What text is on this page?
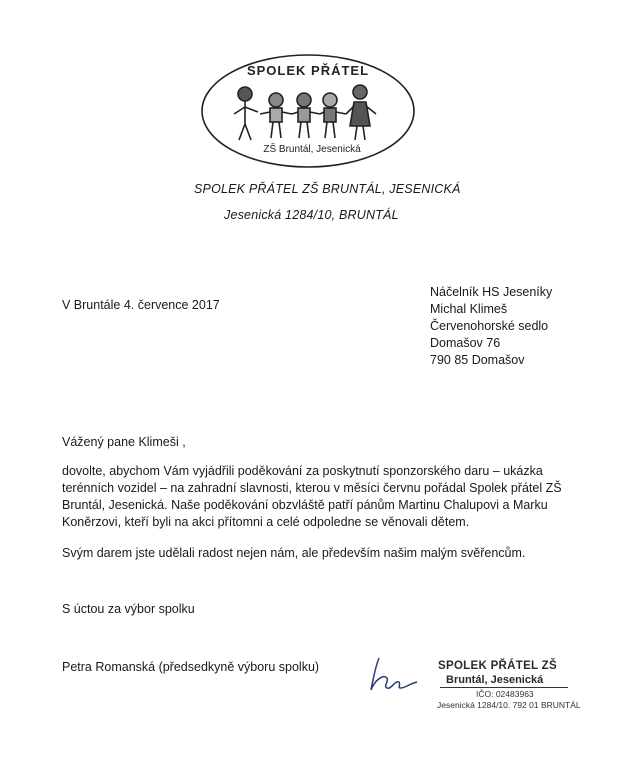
SPOLEK PŘÁTEL
ZŠ Bruntál, Jesenická
SPOLEK PŘÁTEL ZŠ BRUNTÁL, JESENICKÁ
Jesenická 1284/10, BRUNTÁL
V Bruntále 4. července 2017
Náčelník HS Jeseníky
Michal Klimeš
Červenohorské sedlo
Domašov 76
790 85 Domašov
Vážený pane Klimeši ,
dovolte, abychom Vám vyjádřili poděkování za poskytnutí sponzorského daru – ukázka
terénních vozidel – na zahradní slavnosti, kterou v měsíci červnu pořádal Spolek přátel ZŠ
Bruntál, Jesenická. Naše poděkování obzvláště patří pánům Martinu Chalupovi a Marku
Koněrzovi, kteří byli na akci přítomni a celé odpoledne se věnovali dětem.
Svým darem jste udělali radost nejen nám, ale především našim malým svěřencům.
S úctou za výbor spolku
Petra Romanská (předsedkyně výboru spolku)	SPOLEK PŘÁTEL ZŠ
Bruntál, Jesenická
IČO: 02483963
Jesenická 1284/10. 792 01 BRUNTÁL
